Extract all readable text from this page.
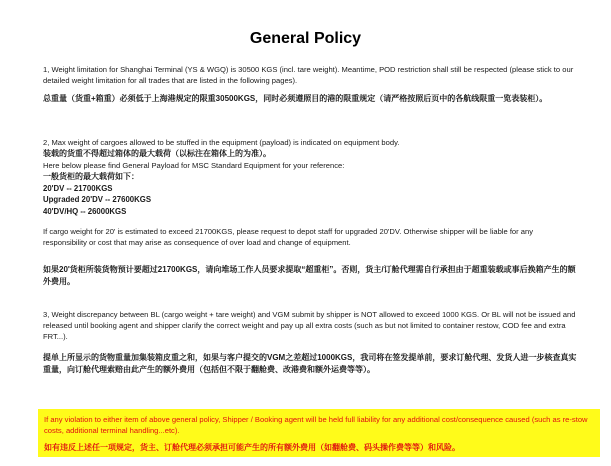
General Policy
1, Weight limitation for Shanghai Terminal (YS & WGQ) is 30500 KGS (incl. tare weight). Meantime, POD restriction shall still be respected (please stick to our detailed weight limitation for all trades that are listed in the following pages).
总重量（货重+箱重）必须低于上海港规定的限重30500KGS，同时必须遵照目的港的限重规定（请严格按照后页中的各航线限重一览表装柜）。
2, Max weight of cargoes allowed to be stuffed in the equipment (payload) is indicated on equipment body.
装载的货重不得超过箱体的最大载荷（以标注在箱体上的为准）。
Here below please find General Payload for MSC Standard Equipment for your reference:
一般货柜的最大载荷如下：
20'DV -- 21700KGS
Upgraded 20'DV -- 27600KGS
40'DV/HQ -- 26000KGS
If cargo weight for 20' is estimated to exceed 21700KGS, please request to depot staff for upgraded 20'DV. Otherwise shipper will be liable for any responsibility or cost that may arise as consequence of over load and change of equipment.
如果20'货柜所装货物预计要超过21700KGS，请向堆场工作人员要求提取“超重柜”。否则，货主/订舱代理需自行承担由于超重装载或事后换箱产生的额外费用。
3, Weight discrepancy between BL (cargo weight + tare weight) and VGM submit by shipper is NOT allowed to exceed 1000 KGS. Or BL will not be issued and released until booking agent and shipper clarify the correct weight and pay up all extra costs (such as but not limited to container restow, COD fee and extra FRT...).
提单上所显示的货物重量加集装箱皮重之和，如果与客户提交的VGM之差超过1000KGS，我司将在签发提单前，要求订舱代理、发货人进一步核查真实重量，向订舱代理索赔由此产生的额外费用（包括但不限于翻舱费、改港费和额外运费等等）。
If any violation to either item of above general policy, Shipper / Booking agent will be held full liability for any additional cost/consequence caused (such as re-stow costs, additional terminal handling...etc).
如有违反上述任一项规定，货主、订舱代理必须承担可能产生的所有额外费用（如翻舱费、码头操作费等等）和风险。
